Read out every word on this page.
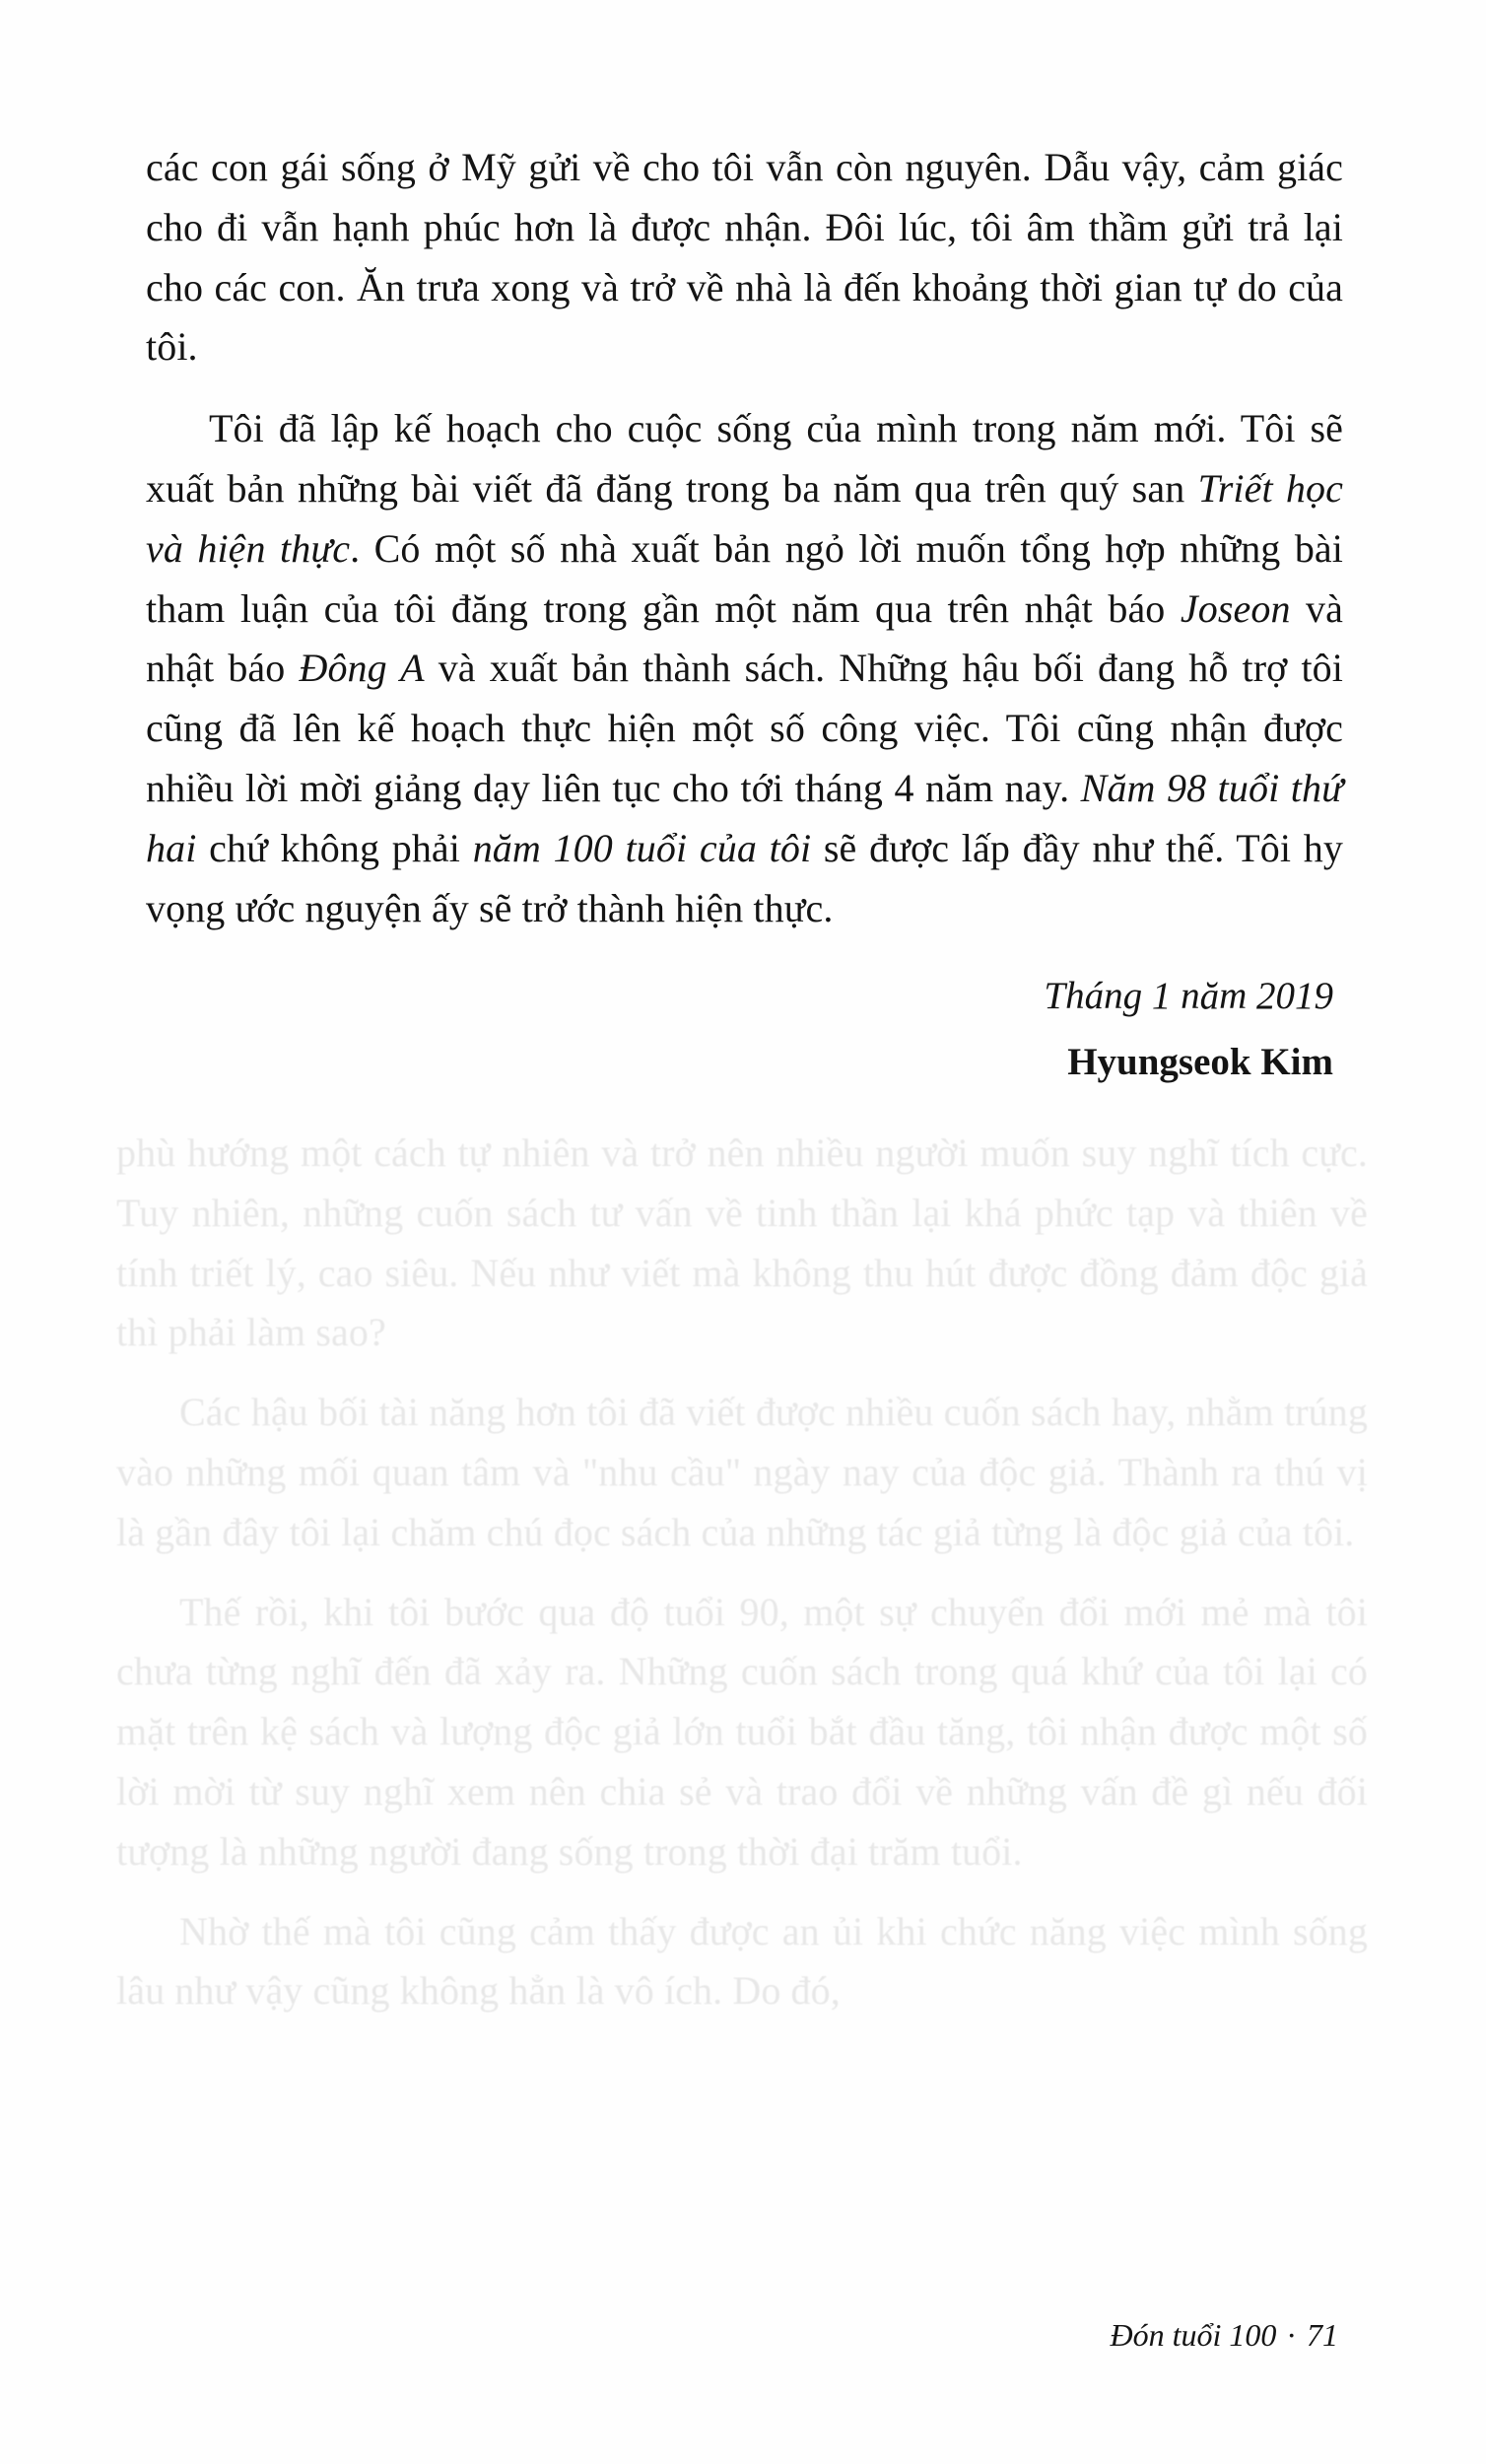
phù hướng một cách tự nhiên và trở nên nhiều người muốn suy nghĩ tích cực. Tuy nhiên, những cuốn sách tư vấn về tinh thần lại khá phức tạp và thiên về tính triết lý, cao siêu. Nếu như viết mà không thu hút được đồng đảm độc giả thì phải làm sao?

Các hậu bối tài năng hơn tôi đã viết được nhiều cuốn sách hay, nhằm trúng vào những mối quan tâm và "nhu cầu" ngày nay của độc giả. Thành ra thú vị là gần đây tôi lại chăm chú đọc sách của những tác giả từng là độc giả của tôi.

Thế rồi, khi tôi bước qua độ tuổi 90, một sự chuyển đổi mới mẻ mà tôi chưa từng nghĩ đến đã xảy ra. Những cuốn sách trong quá khứ của tôi lại có mặt trên kệ sách và lượng độc giả lớn tuổi bắt đầu tăng, tôi nhận được một số lời mời từ suy nghĩ xem nên chia sẻ và trao đổi về những vấn đề gì nếu đối tượng là những người đang sống trong thời đại trăm tuổi.

Nhờ thế mà tôi cũng cảm thấy được an ủi khi chức năng việc mình sống lâu như vậy cũng không hẳn là vô ích. Do đó,

các con gái sống ở Mỹ gửi về cho tôi vẫn còn nguyên. Dẫu vậy, cảm giác cho đi vẫn hạnh phúc hơn là được nhận. Đôi lúc, tôi âm thầm gửi trả lại cho các con. Ăn trưa xong và trở về nhà là đến khoảng thời gian tự do của tôi.

Tôi đã lập kế hoạch cho cuộc sống của mình trong năm mới. Tôi sẽ xuất bản những bài viết đã đăng trong ba năm qua trên quý san Triết học và hiện thực. Có một số nhà xuất bản ngỏ lời muốn tổng hợp những bài tham luận của tôi đăng trong gần một năm qua trên nhật báo Joseon và nhật báo Đông A và xuất bản thành sách. Những hậu bối đang hỗ trợ tôi cũng đã lên kế hoạch thực hiện một số công việc. Tôi cũng nhận được nhiều lời mời giảng dạy liên tục cho tới tháng 4 năm nay. Năm 98 tuổi thứ hai chứ không phải năm 100 tuổi của tôi sẽ được lấp đầy như thế. Tôi hy vọng ước nguyện ấy sẽ trở thành hiện thực.

Tháng 1 năm 2019
Hyungseok Kim
Đón tuổi 100 · 71
